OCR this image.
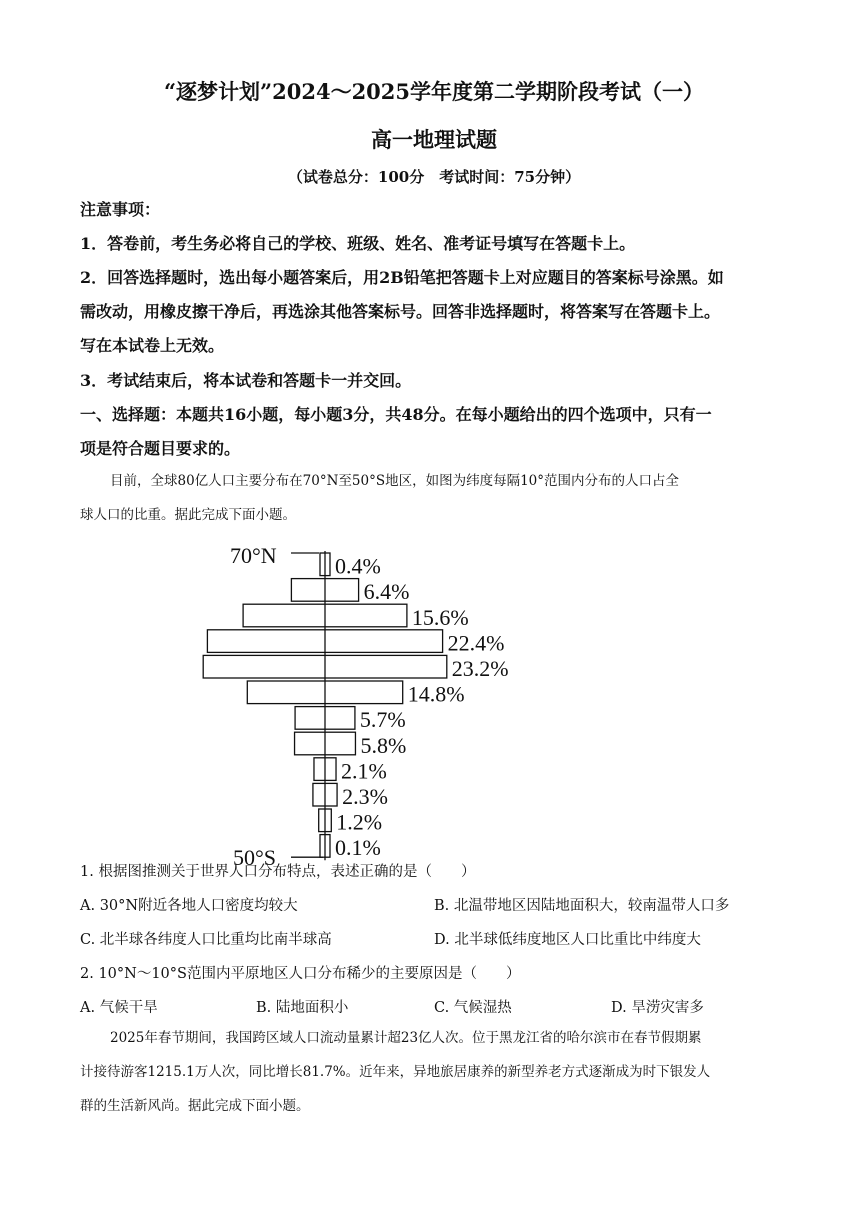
“逐梦计划”2024～2025学年度第二学期阶段考试（一）
高一地理试题
（试卷总分：100分　考试时间：75分钟）
注意事项：
1．答卷前，考生务必将自己的学校、班级、姓名、准考证号填写在答题卡上。
2．回答选择题时，选出每小题答案后，用2B铅笔把答题卡上对应题目的答案标号涂黑。如
需改动，用橡皮擦干净后，再选涂其他答案标号。回答非选择题时，将答案写在答题卡上。
写在本试卷上无效。
3．考试结束后，将本试卷和答题卡一并交回。
一、选择题：本题共16小题，每小题3分，共48分。在每小题给出的四个选项中，只有一
项是符合题目要求的。
目前，全球80亿人口主要分布在70°N至50°S地区，如图为纬度每隔10°范围内分布的人口占全
球人口的比重。据此完成下面小题。
0.4%
6.4%
15.6%
22.4%
23.2%
14.8%
5.7%
5.8%
2.1%
2.3%
1.2%
0.1%
70°N
50°S
1. 根据图推测关于世界人口分布特点，表述正确的是（　　）
A. 30°N附近各地人口密度均较大	B. 北温带地区因陆地面积大，较南温带人口多
C. 北半球各纬度人口比重均比南半球高	D. 北半球低纬度地区人口比重比中纬度大
2. 10°N～10°S范围内平原地区人口分布稀少的主要原因是（　　）
A. 气候干旱	B. 陆地面积小	C. 气候湿热	D. 旱涝灾害多
2025年春节期间，我国跨区域人口流动量累计超23亿人次。位于黑龙江省的哈尔滨市在春节假期累
计接待游客1215.1万人次，同比增长81.7%。近年来，异地旅居康养的新型养老方式逐渐成为时下银发人
群的生活新风尚。据此完成下面小题。
